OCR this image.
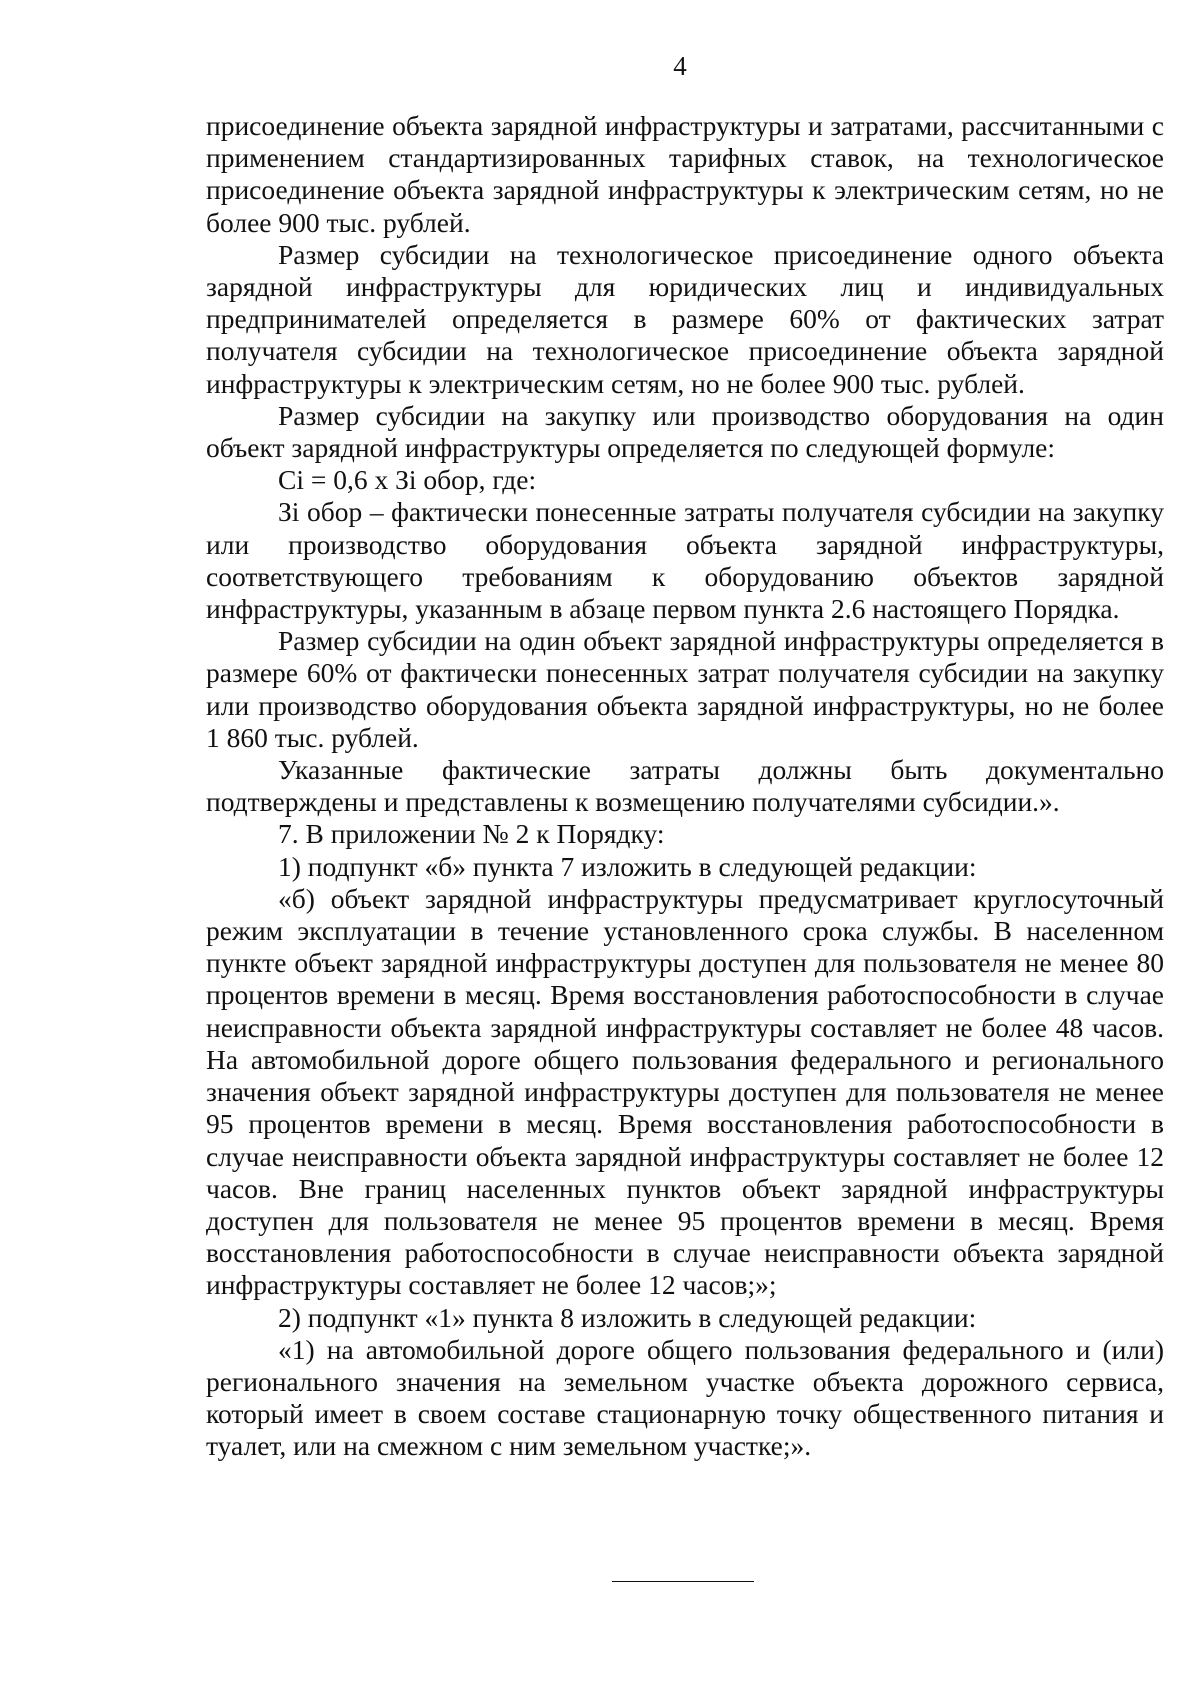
4

присоединение объекта зарядной инфраструктуры и затратами, рассчитанными с применением стандартизированных тарифных ставок, на технологическое присоединение объекта зарядной инфраструктуры к электрическим сетям, но не более 900 тыс. рублей.

Размер субсидии на технологическое присоединение одного объекта зарядной инфраструктуры для юридических лиц и индивидуальных предпринимателей определяется в размере 60% от фактических затрат получателя субсидии на технологическое присоединение объекта зарядной инфраструктуры к электрическим сетям, но не более 900 тыс. рублей.

Размер субсидии на закупку или производство оборудования на один объект зарядной инфраструктуры определяется по следующей формуле:

Ci = 0,6 x Зi обор, где:

Зi обор – фактически понесенные затраты получателя субсидии на закупку или производство оборудования объекта зарядной инфраструктуры, соответствующего требованиям к оборудованию объектов зарядной инфраструктуры, указанным в абзаце первом пункта 2.6 настоящего Порядка.

Размер субсидии на один объект зарядной инфраструктуры определяется в размере 60% от фактически понесенных затрат получателя субсидии на закупку или производство оборудования объекта зарядной инфраструктуры, но не более 1 860 тыс. рублей.

Указанные фактические затраты должны быть документально подтверждены и представлены к возмещению получателями субсидии.».

7. В приложении № 2 к Порядку:

1) подпункт «б» пункта 7 изложить в следующей редакции:

«б) объект зарядной инфраструктуры предусматривает круглосуточный режим эксплуатации в течение установленного срока службы. В населенном пункте объект зарядной инфраструктуры доступен для пользователя не менее 80 процентов времени в месяц. Время восстановления работоспособности в случае неисправности объекта зарядной инфраструктуры составляет не более 48 часов. На автомобильной дороге общего пользования федерального и регионального значения объект зарядной инфраструктуры доступен для пользователя не менее 95 процентов времени в месяц. Время восстановления работоспособности в случае неисправности объекта зарядной инфраструктуры составляет не более 12 часов. Вне границ населенных пунктов объект зарядной инфраструктуры доступен для пользователя не менее 95 процентов времени в месяц. Время восстановления работоспособности в случае неисправности объекта зарядной инфраструктуры составляет не более 12 часов;»;

2) подпункт «1» пункта 8 изложить в следующей редакции:

«1) на автомобильной дороге общего пользования федерального и (или) регионального значения на земельном участке объекта дорожного сервиса, который имеет в своем составе стационарную точку общественного питания и туалет, или на смежном с ним земельном участке;».
